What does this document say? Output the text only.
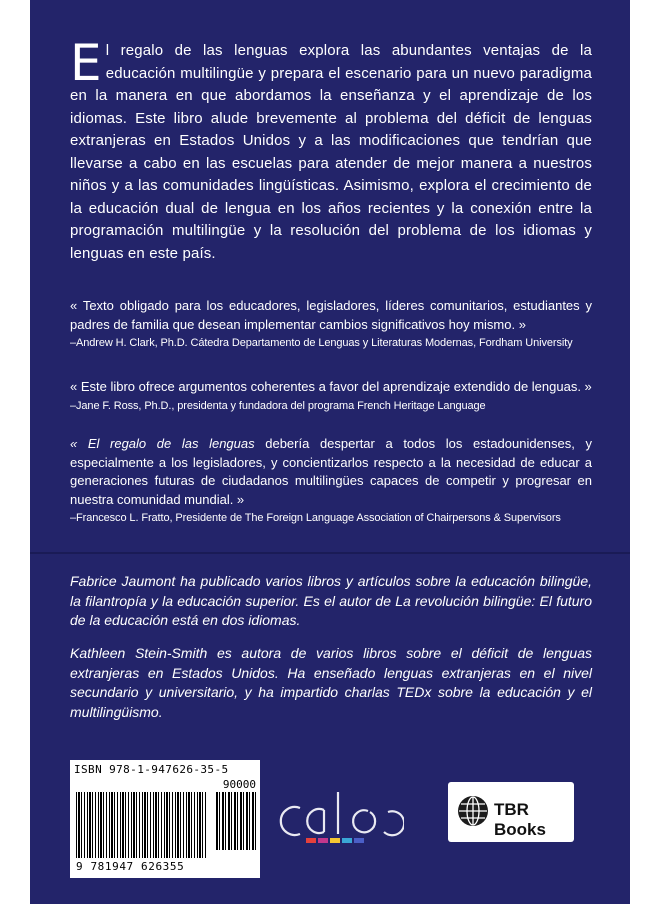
El regalo de las lenguas explora las abundantes ventajas de la educación multilingüe y prepara el escenario para un nuevo paradigma en la manera en que abordamos la enseñanza y el aprendizaje de los idiomas. Este libro alude brevemente al problema del déficit de lenguas extranjeras en Estados Unidos y a las modificaciones que tendrían que llevarse a cabo en las escuelas para atender de mejor manera a nuestros niños y a las comunidades lingüísticas. Asimismo, explora el crecimiento de la educación dual de lengua en los años recientes y la conexión entre la programación multilingüe y la resolución del problema de los idiomas y lenguas en este país.
« Texto obligado para los educadores, legisladores, líderes comunitarios, estudiantes y padres de familia que desean implementar cambios significativos hoy mismo. »
–Andrew H. Clark, Ph.D. Cátedra Departamento de Lenguas y Literaturas Modernas, Fordham University
« Este libro ofrece argumentos coherentes a favor del aprendizaje extendido de lenguas. »
–Jane F. Ross, Ph.D., presidenta y fundadora del programa French Heritage Language
« El regalo de las lenguas debería despertar a todos los estadounidenses, y especialmente a los legisladores, y concientizarlos respecto a la necesidad de educar a generaciones futuras de ciudadanos multilingües capaces de competir y progresar en nuestra comunidad mundial. »
–Francesco L. Fratto, Presidente de The Foreign Language Association of Chairpersons & Supervisors
Fabrice Jaumont ha publicado varios libros y artículos sobre la educación bilingüe, la filantropía y la educación superior. Es el autor de La revolución bilingüe: El futuro de la educación está en dos idiomas.
Kathleen Stein-Smith es autora de varios libros sobre el déficit de lenguas extranjeras en Estados Unidos. Ha enseñado lenguas extranjeras en el nivel secundario y universitario, y ha impartido charlas TEDx sobre la educación y el multilingüismo.
ISBN 978-1-947626-35-5
90000
9 781947 626355
caleo
TBR Books
